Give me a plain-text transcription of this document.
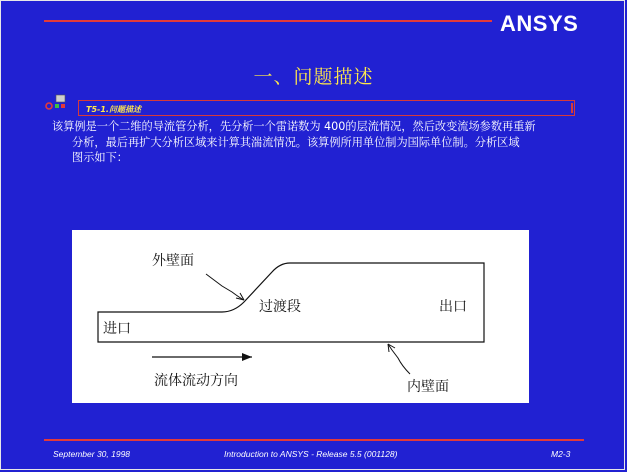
ANSYS
一、问题描述
T5-1.问题描述
该算例是一个二维的导流管分析，先分析一个雷诺数为 400的层流情况，然后改变流场参数再重新
分析，最后再扩大分析区域来计算其湍流情况。该算例所用单位制为国际单位制。分析区域
图示如下：
外壁面
过渡段	出口
进口
流体流动方向	内壁面
September 30, 1998	Introduction to ANSYS - Release 5.5 (001128)	M2-3
